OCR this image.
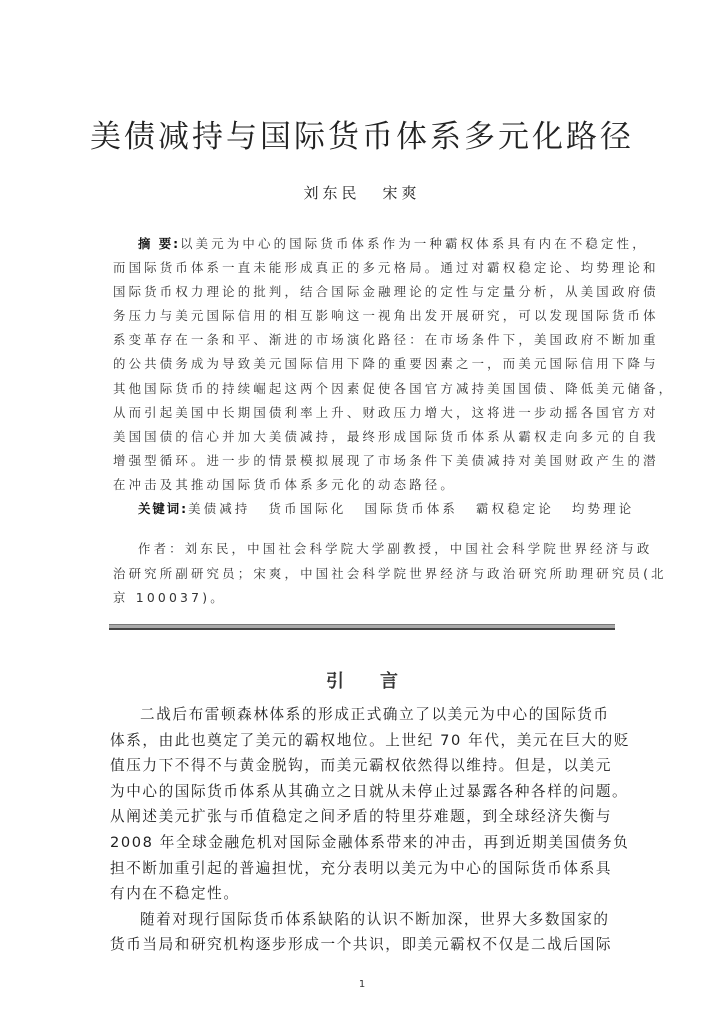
美债减持与国际货币体系多元化路径
刘东民 宋爽
摘 要:以美元为中心的国际货币体系作为一种霸权体系具有内在不稳定性，
而国际货币体系一直未能形成真正的多元格局。通过对霸权稳定论、均势理论和
国际货币权力理论的批判，结合国际金融理论的定性与定量分析，从美国政府债
务压力与美元国际信用的相互影响这一视角出发开展研究，可以发现国际货币体
系变革存在一条和平、渐进的市场演化路径：在市场条件下，美国政府不断加重
的公共债务成为导致美元国际信用下降的重要因素之一，而美元国际信用下降与
其他国际货币的持续崛起这两个因素促使各国官方减持美国国债、降低美元储备，
从而引起美国中长期国债利率上升、财政压力增大，这将进一步动摇各国官方对
美国国债的信心并加大美债减持，最终形成国际货币体系从霸权走向多元的自我
增强型循环。进一步的情景模拟展现了市场条件下美债减持对美国财政产生的潜
在冲击及其推动国际货币体系多元化的动态路径。
关键词:美债减持 货币国际化 国际货币体系 霸权稳定论 均势理论
作者：刘东民，中国社会科学院大学副教授，中国社会科学院世界经济与政
治研究所副研究员；宋爽，中国社会科学院世界经济与政治研究所助理研究员(北
京 100037)。
引 言
二战后布雷顿森林体系的形成正式确立了以美元为中心的国际货币
体系，由此也奠定了美元的霸权地位。上世纪 70 年代，美元在巨大的贬
值压力下不得不与黄金脱钩，而美元霸权依然得以维持。但是，以美元
为中心的国际货币体系从其确立之日就从未停止过暴露各种各样的问题。
从阐述美元扩张与币值稳定之间矛盾的特里芬难题，到全球经济失衡与
2008 年全球金融危机对国际金融体系带来的冲击，再到近期美国债务负
担不断加重引起的普遍担忧，充分表明以美元为中心的国际货币体系具
有内在不稳定性。
随着对现行国际货币体系缺陷的认识不断加深，世界大多数国家的
货币当局和研究机构逐步形成一个共识，即美元霸权不仅是二战后国际
1
